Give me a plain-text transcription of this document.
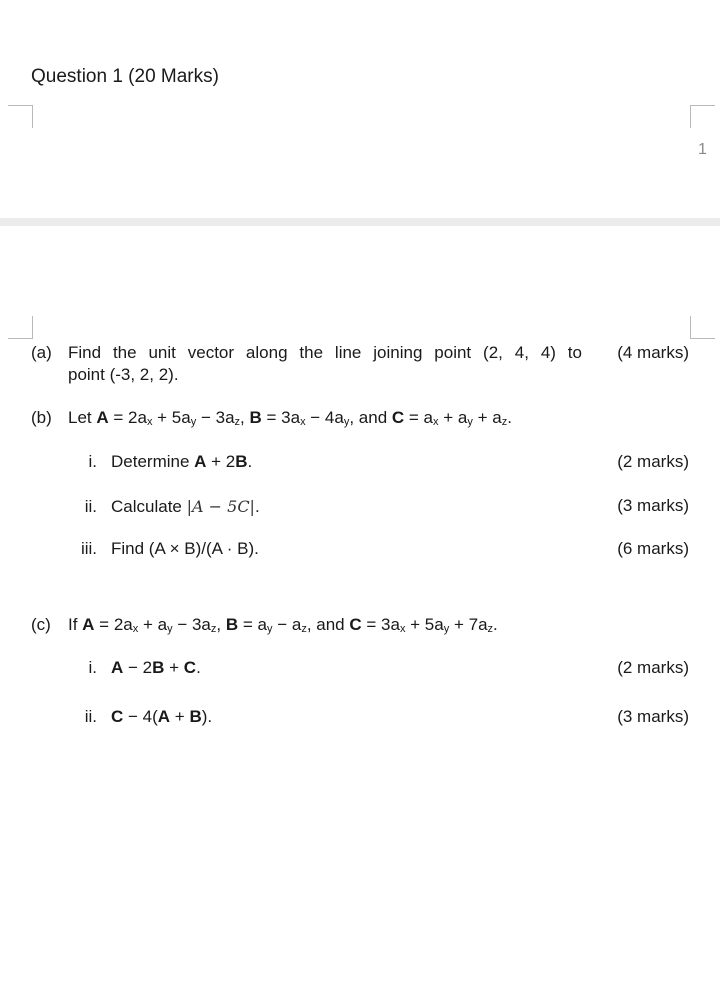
Question 1 (20 Marks)
1
(a) Find the unit vector along the line joining point (2, 4, 4) to
point (-3, 2, 2).
(4 marks)
(b) Let $A = 2a_x + 5a_y - 3a_z$, $B = 3a_x - 4a_y$, and $C = a_x + a_y + a_z$.
i. Determine A + 2B.	(2 marks)
ii. Calculate |A − 5C|.	(3 marks)
iii. Find (A × B)/(A · B).	(6 marks)
(c) If $A = 2a_x + a_y - 3a_z$, $B = a_y - a_z$, and $C = 3a_x + 5a_y + 7a_z$.
i. A − 2B + C.	(2 marks)
ii. C − 4(A + B).	(3 marks)
